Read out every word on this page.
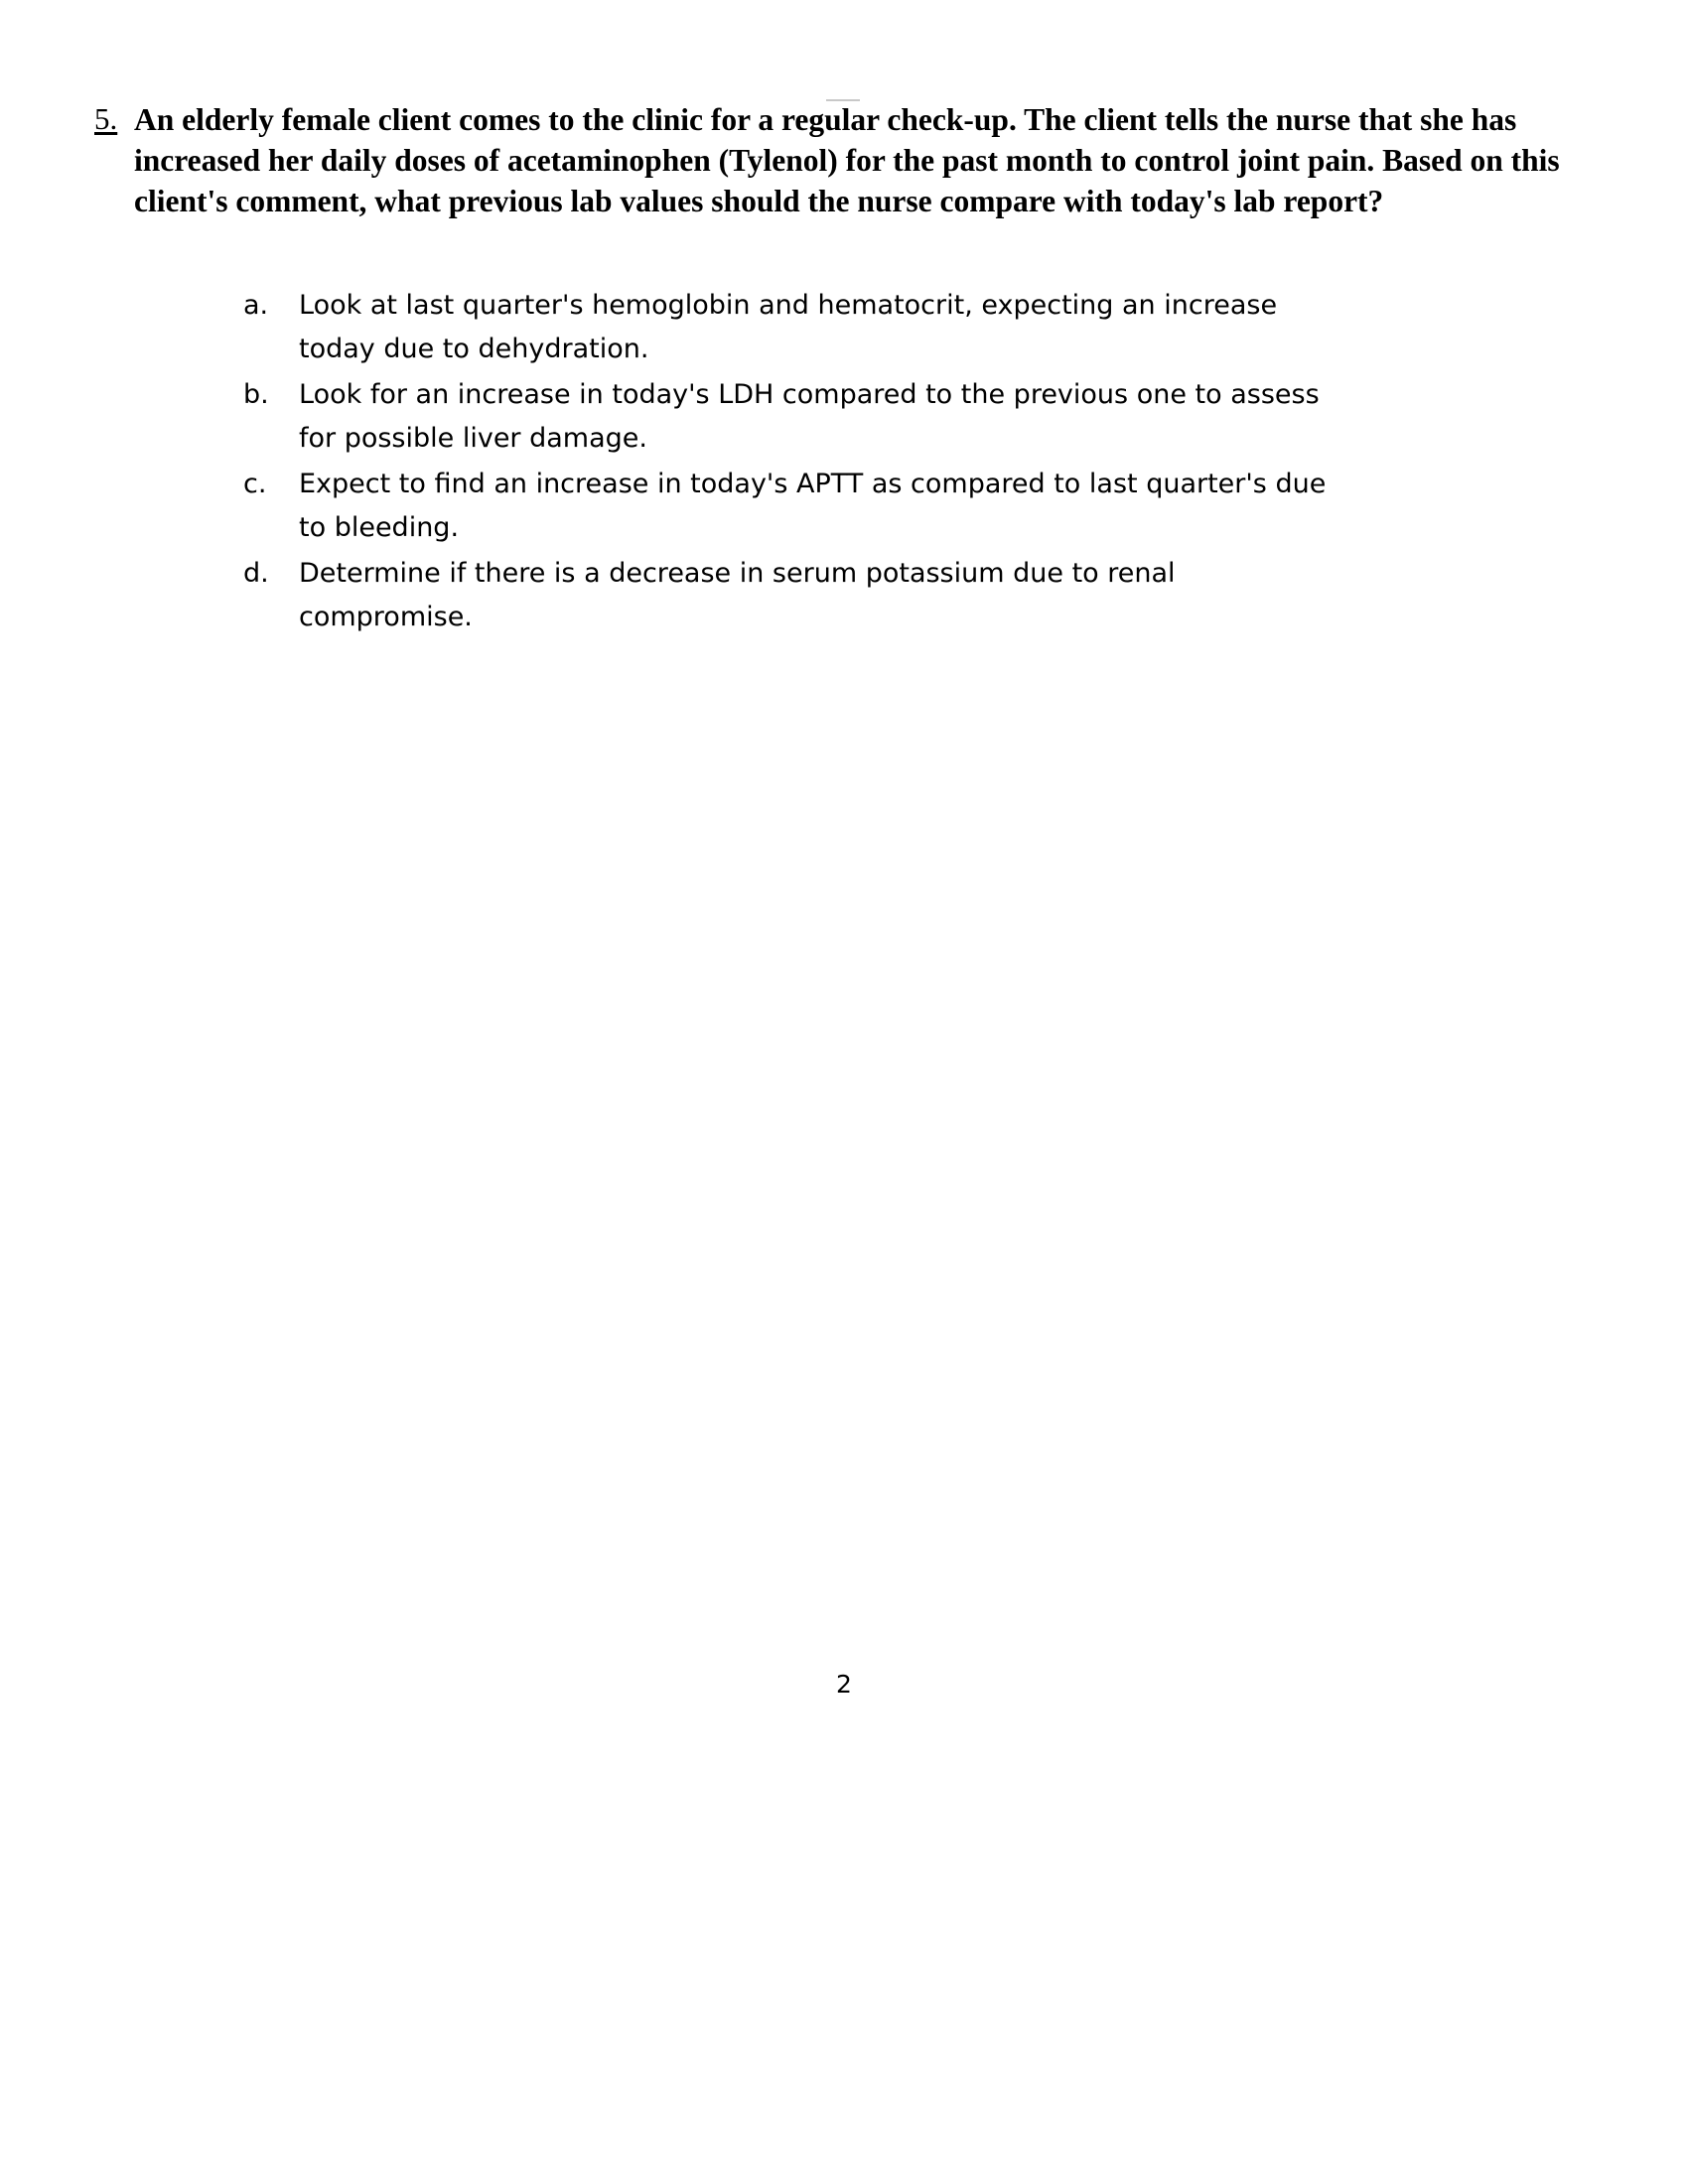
5. An elderly female client comes to the clinic for a regular check-up. The client tells the nurse that she has increased her daily doses of acetaminophen (Tylenol) for the past month to control joint pain. Based on this client's comment, what previous lab values should the nurse compare with today's lab report?
a. Look at last quarter's hemoglobin and hematocrit, expecting an increase today due to dehydration.
b. Look for an increase in today's LDH compared to the previous one to assess for possible liver damage.
c. Expect to find an increase in today's APTT as compared to last quarter's due to bleeding.
d. Determine if there is a decrease in serum potassium due to renal compromise.
2
